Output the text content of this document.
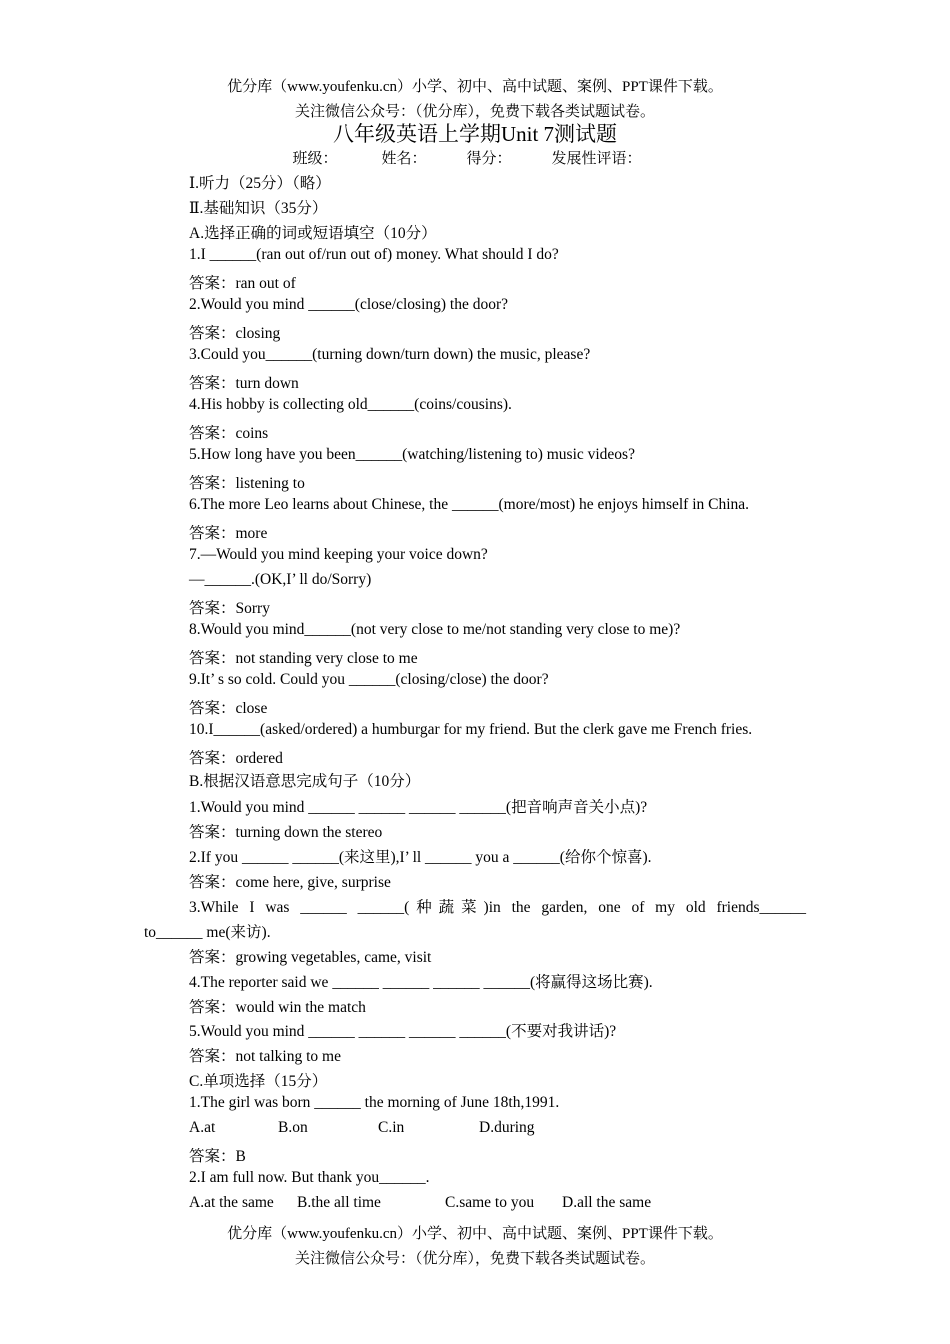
优分库（www.youfenku.cn）小学、初中、高中试题、案例、PPT课件下载。
关注微信公众号：（优分库），免费下载各类试题试卷。
八年级英语上学期Unit 7测试题
班级：	姓名：	得分：	发展性评语：
Ⅰ.听力（25分）（略）
Ⅱ.基础知识（35分）
A.选择正确的词或短语填空（10分）
1.I ______(ran out of/run out of) money. What should I do?
答案：ran out of
2.Would you mind ______(close/closing) the door?
答案：closing
3.Could you______(turning down/turn down) the music, please?
答案：turn down
4.His hobby is collecting old______(coins/cousins).
答案：coins
5.How long have you been______(watching/listening to) music videos?
答案：listening to
6.The more Leo learns about Chinese, the ______(more/most) he enjoys himself in China.
答案：more
7.—Would you mind keeping your voice down?
—______.(OK,I’ ll do/Sorry)
答案：Sorry
8.Would you mind______(not very close to me/not standing very close to me)?
答案：not standing very close to me
9.It’ s so cold. Could you ______(closing/close) the door?
答案：close
10.I______(asked/ordered) a humburgar for my friend. But the clerk gave me French fries.
答案：ordered
B.根据汉语意思完成句子（10分）
1.Would you mind ______ ______ ______ ______(把音响声音关小点)?
答案：turning down the stereo
2.If you ______ ______(来这里),I’ ll ______ you a ______(给你个惊喜).
答案：come here, give, surprise
3.While I was ______ ______(种蔬菜)in the garden, one of my old friends______
to______ me(来访).
答案：growing vegetables, came, visit
4.The reporter said we ______ ______ ______ ______(将赢得这场比赛).
答案：would win the match
5.Would you mind ______ ______ ______ ______(不要对我讲话)?
答案：not talking to me
C.单项选择（15分）
1.The girl was born ______ the morning of June 18th,1991.
A.at	B.on	C.in	D.during
答案：B
2.I am full now. But thank you______.
A.at the same B.the all time	C.same to you D.all the same
优分库（www.youfenku.cn）小学、初中、高中试题、案例、PPT课件下载。
关注微信公众号：（优分库），免费下载各类试题试卷。
